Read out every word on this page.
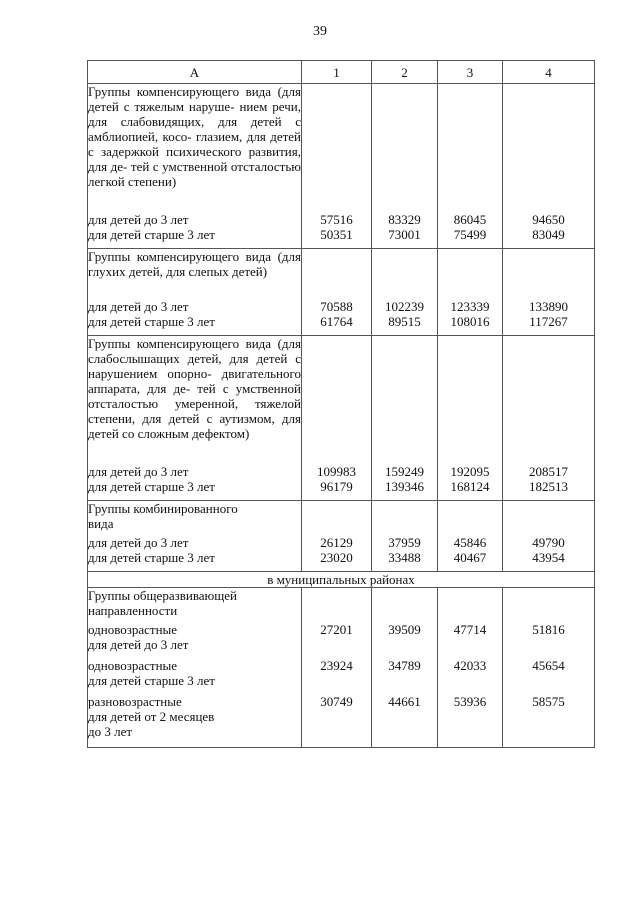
39
А	1	2	3	4
Группы компенсирующего вида (для детей с тяжелым наруше- нием речи, для слабовидящих, для детей с амблиопией, косо- глазием, для детей с задержкой психического развития, для де- тей с умственной отсталостью легкой степени)				
для детей до 3 лет	57516	83329	86045	94650
для детей старше 3 лет	50351	73001	75499	83049
Группы компенсирующего вида (для глухих детей, для слепых детей)				
для детей до 3 лет	70588	102239	123339	133890
для детей старше 3 лет	61764	89515	108016	117267
Группы компенсирующего вида (для слабослышащих детей, для детей с нарушением опорно- двигательного аппарата, для де- тей с умственной отсталостью умеренной, тяжелой степени, для детей с аутизмом, для детей со сложным дефектом)				
для детей до 3 лет	109983	159249	192095	208517
для детей старше 3 лет	96179	139346	168124	182513
Группы комбинированного вида				
для детей до 3 лет	26129	37959	45846	49790
для детей старше 3 лет	23020	33488	40467	43954
в муниципальных районах				
Группы общеразвивающей направленности				

одновозрастные
для детей до 3 лет	27201	39509	47714	51816

одновозрастные
для детей старше 3 лет	23924	34789	42033	45654

разновозрастные
для детей от 2 месяцев
до 3 лет	30749	44661	53936	58575
